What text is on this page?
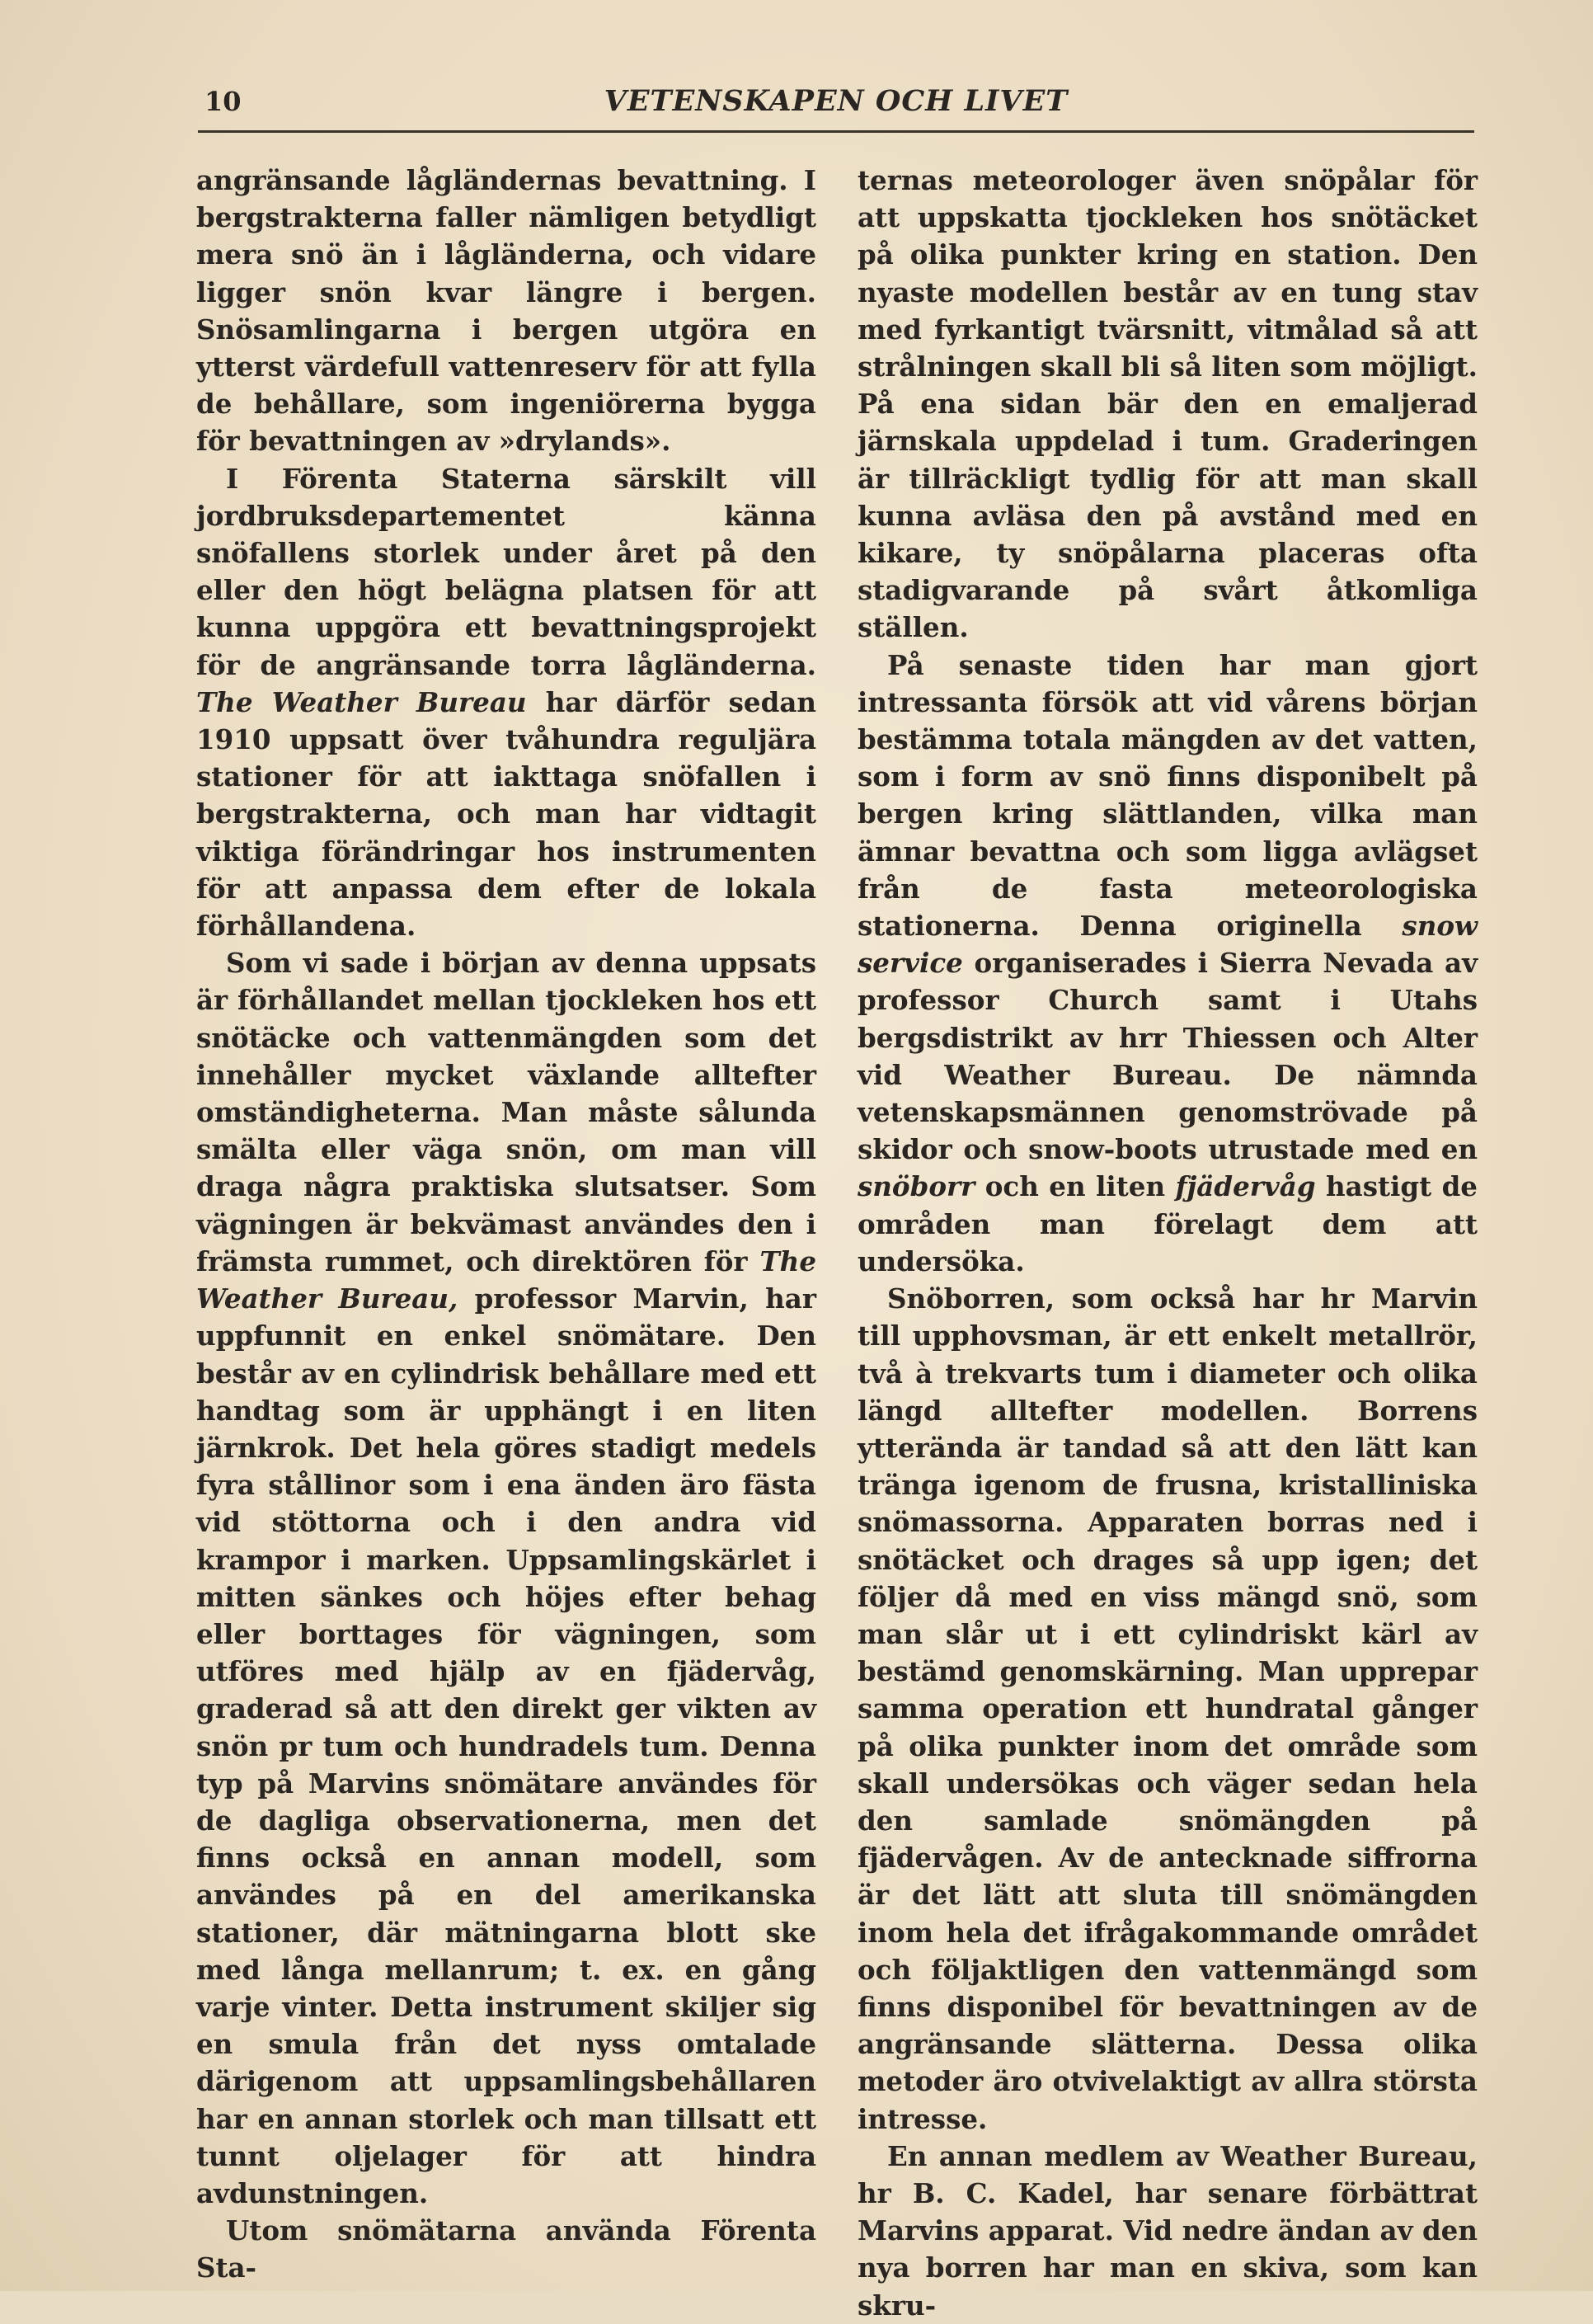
10	VETENSKAPEN OCH LIVET

angränsande lågländernas bevattning. I bergstrakterna faller nämligen betydligt mera snö än i lågländerna, och vidare ligger snön kvar längre i bergen. Snösamlingarna i bergen utgöra en ytterst värdefull vattenreserv för att fylla de behållare, som ingeniörerna bygga för bevattningen av »drylands».

I Förenta Staterna särskilt vill jordbruksdepartementet känna snöfallens storlek under året på den eller den högt belägna platsen för att kunna uppgöra ett bevattningsprojekt för de angränsande torra lågländerna. The Weather Bureau har därför sedan 1910 uppsatt över tvåhundra reguljära stationer för att iakttaga snöfallen i bergstrakterna, och man har vidtagit viktiga förändringar hos instrumenten för att anpassa dem efter de lokala förhållandena.

Som vi sade i början av denna uppsats är förhållandet mellan tjockleken hos ett snötäcke och vattenmängden som det innehåller mycket växlande alltefter omständigheterna. Man måste sålunda smälta eller väga snön, om man vill draga några praktiska slutsatser. Som vägningen är bekvämast användes den i främsta rummet, och direktören för The Weather Bureau, professor Marvin, har uppfunnit en enkel snömätare. Den består av en cylindrisk behållare med ett handtag som är upphängt i en liten järnkrok. Det hela göres stadigt medels fyra stållinor som i ena änden äro fästa vid stöttorna och i den andra vid krampor i marken. Uppsamlingskärlet i mitten sänkes och höjes efter behag eller borttages för vägningen, som utföres med hjälp av en fjädervåg, graderad så att den direkt ger vikten av snön pr tum och hundradels tum. Denna typ på Marvins snömätare användes för de dagliga observationerna, men det finns också en annan modell, som användes på en del amerikanska stationer, där mätningarna blott ske med långa mellanrum; t. ex. en gång varje vinter. Detta instrument skiljer sig en smula från det nyss omtalade därigenom att uppsamlingsbehållaren har en annan storlek och man tillsatt ett tunnt oljelager för att hindra avdunstningen.

Utom snömätarna använda Förenta Sta-

ternas meteorologer även snöpålar för att uppskatta tjockleken hos snötäcket på olika punkter kring en station. Den nyaste modellen består av en tung stav med fyrkantigt tvärsnitt, vitmålad så att strålningen skall bli så liten som möjligt. På ena sidan bär den en emaljerad järnskala uppdelad i tum. Graderingen är tillräckligt tydlig för att man skall kunna avläsa den på avstånd med en kikare, ty snöpålarna placeras ofta stadigvarande på svårt åtkomliga ställen.

På senaste tiden har man gjort intressanta försök att vid vårens början bestämma totala mängden av det vatten, som i form av snö finns disponibelt på bergen kring slättlanden, vilka man ämnar bevattna och som ligga avlägset från de fasta meteorologiska stationerna. Denna originella snow service organiserades i Sierra Nevada av professor Church samt i Utahs bergsdistrikt av hrr Thiessen och Alter vid Weather Bureau. De nämnda vetenskapsmännen genomströvade på skidor och snow-boots utrustade med en snöborr och en liten fjädervåg hastigt de områden man förelagt dem att undersöka.

Snöborren, som också har hr Marvin till upphovsman, är ett enkelt metallrör, två à trekvarts tum i diameter och olika längd alltefter modellen. Borrens ytterända är tandad så att den lätt kan tränga igenom de frusna, kristalliniska snömassorna. Apparaten borras ned i snötäcket och drages så upp igen; det följer då med en viss mängd snö, som man slår ut i ett cylindriskt kärl av bestämd genomskärning. Man upprepar samma operation ett hundratal gånger på olika punkter inom det område som skall undersökas och väger sedan hela den samlade snömängden på fjädervågen. Av de antecknade siffrorna är det lätt att sluta till snömängden inom hela det ifrågakommande området och följaktligen den vattenmängd som finns disponibel för bevattningen av de angränsande slätterna. Dessa olika metoder äro otvivelaktigt av allra största intresse.

En annan medlem av Weather Bureau, hr B. C. Kadel, har senare förbättrat Marvins apparat. Vid nedre ändan av den nya borren har man en skiva, som kan skru-
